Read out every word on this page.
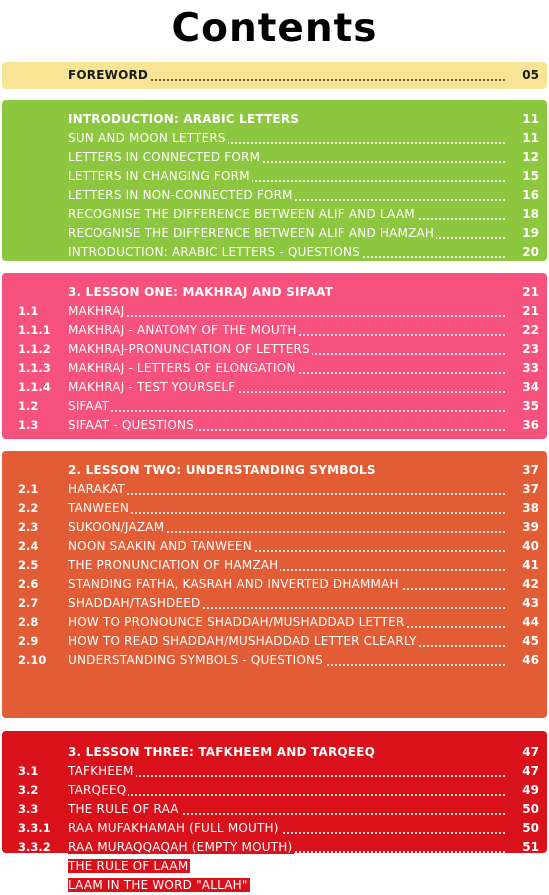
Contents
FOREWORD	05
INTRODUCTION: ARABIC LETTERS	11
SUN AND MOON LETTERS	11
LETTERS IN CONNECTED FORM	12
LETTERS IN CHANGING FORM	15
LETTERS IN NON-CONNECTED FORM	16
RECOGNISE THE DIFFERENCE BETWEEN ALIF AND LAAM	18
RECOGNISE THE DIFFERENCE BETWEEN ALIF AND HAMZAH	19
INTRODUCTION: ARABIC LETTERS - QUESTIONS	20
3. LESSON ONE: MAKHRAJ AND SIFAAT	21
1.1 MAKHRAJ	21
1.1.1 MAKHRAJ - ANATOMY OF THE MOUTH	22
1.1.2 MAKHRAJ-PRONUNCIATION OF LETTERS	23
1.1.3 MAKHRAJ - LETTERS OF ELONGATION	33
1.1.4 MAKHRAJ - TEST YOURSELF	34
1.2 SIFAAT	35
1.3 SIFAAT - QUESTIONS	36
2. LESSON TWO: UNDERSTANDING SYMBOLS	37
2.1 HARAKAT	37
2.2 TANWEEN	38
2.3 SUKOON/JAZAM	39
2.4 NOON SAAKIN AND TANWEEN	40
2.5 THE PRONUNCIATION OF HAMZAH	41
2.6 STANDING FATHA, KASRAH AND INVERTED DHAMMAH	42
2.7 SHADDAH/TASHDEED	43
2.8 HOW TO PRONOUNCE SHADDAH/MUSHADDAD LETTER	44
2.9 HOW TO READ SHADDAH/MUSHADDAD LETTER CLEARLY	45
2.10 UNDERSTANDING SYMBOLS - QUESTIONS	46
3. LESSON THREE: TAFKHEEM AND TARQEEQ	47
3.1 TAFKHEEM	47
3.2 TARQEEQ	49
3.3 THE RULE OF RAA	50
3.3.1 RAA MUFAKHAMAH (FULL MOUTH)	50
3.3.2 RAA MURAQQAQAH (EMPTY MOUTH)	51
3.4 THE RULE OF LAAM	52
3.4.1 LAAM IN THE WORD "ALLAH"	52
